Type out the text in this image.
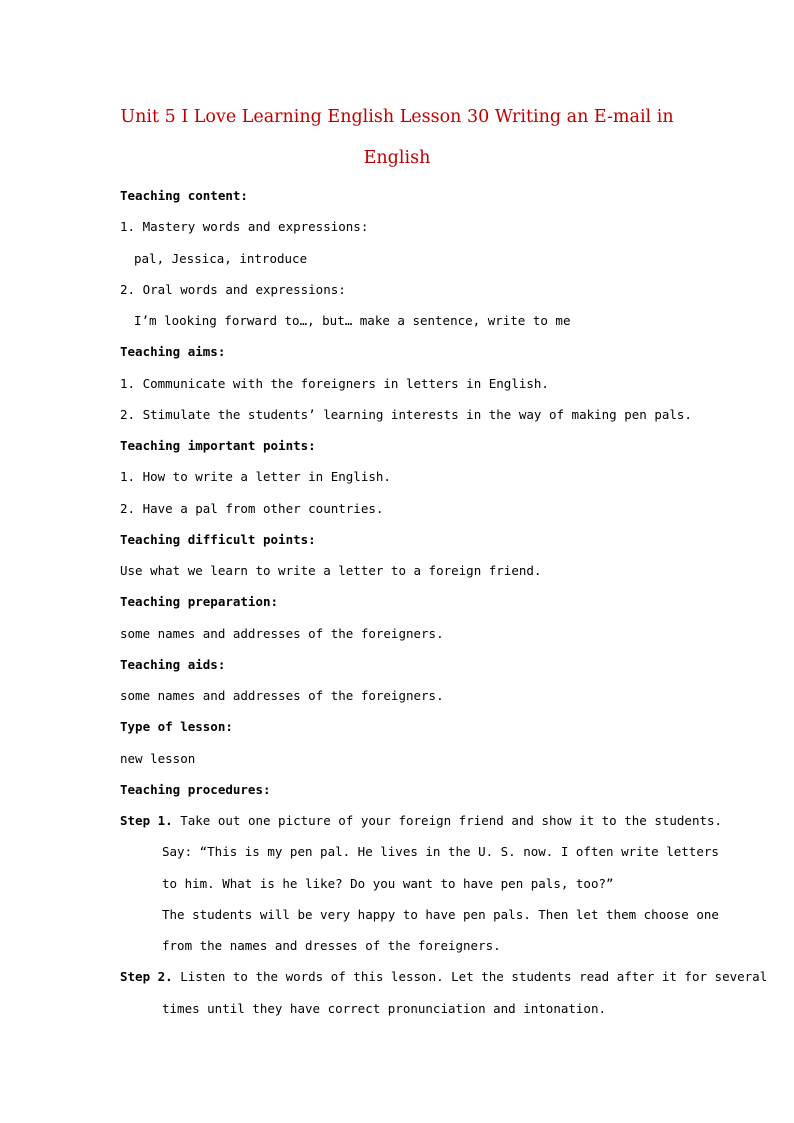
Unit 5 I Love Learning English Lesson 30 Writing an E-mail in
English
Teaching content:
1. Mastery words and expressions:
pal, Jessica, introduce
2. Oral words and expressions:
I’m looking forward to…, but… make a sentence, write to me
Teaching aims:
1. Communicate with the foreigners in letters in English.
2. Stimulate the students’ learning interests in the way of making pen pals.
Teaching important points:
1. How to write a letter in English.
2. Have a pal from other countries.
Teaching difficult points:
Use what we learn to write a letter to a foreign friend.
Teaching preparation:
some names and addresses of the foreigners.
Teaching aids:
some names and addresses of the foreigners.
Type of lesson:
new lesson
Teaching procedures:
Step 1. Take out one picture of your foreign friend and show it to the students.
Say: “This is my pen pal. He lives in the U. S. now. I often write letters
to him. What is he like? Do you want to have pen pals, too?”
The students will be very happy to have pen pals. Then let them choose one
from the names and dresses of the foreigners.
Step 2. Listen to the words of this lesson. Let the students read after it for several
times until they have correct pronunciation and intonation.
